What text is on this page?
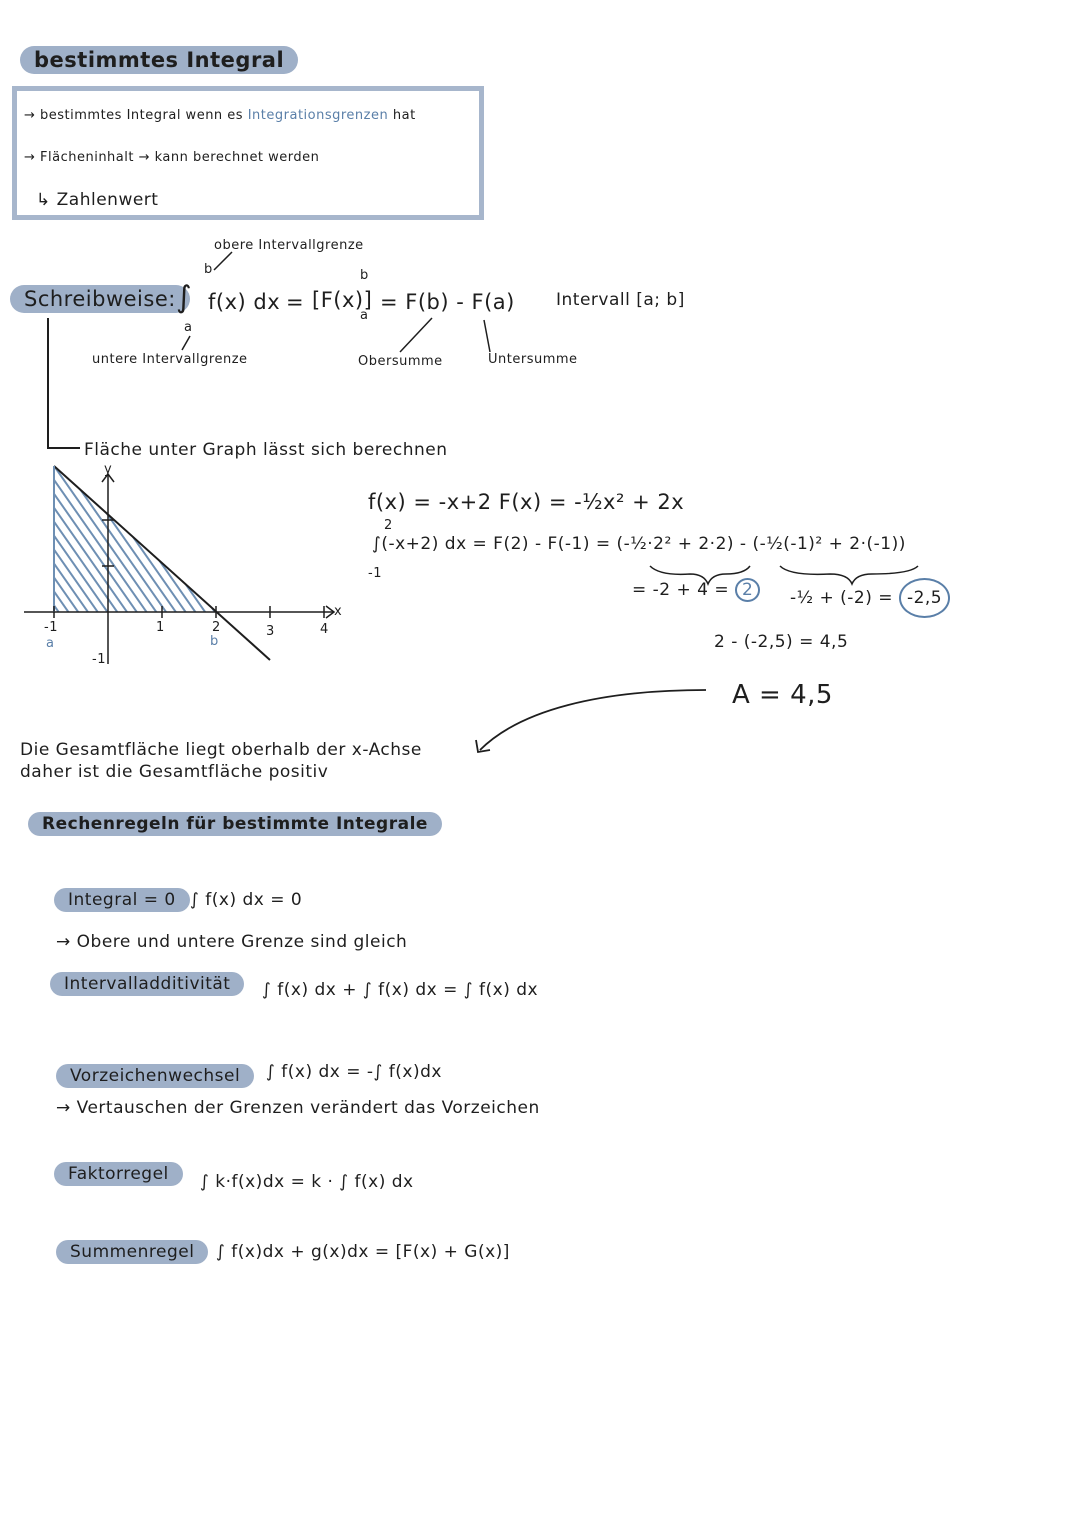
bestimmtes Integral
→ bestimmtes Integral wenn es Integrationsgrenzen hat
→ Flächeninhalt → kann berechnet werden
↳ Zahlenwert
obere Intervallgrenze
Schreibweise: ∫
b
a
f(x) dx = [F(x)]
b
a
= F(b) - F(a) Intervall [a; b]
untere Intervallgrenze	Obersumme	Untersumme
Fläche unter Graph lässt sich berechnen
y
x
-1	1	2	3	4
-1
a	b
f(x) = -x+2 F(x) = -½x² + 2x
2
-1
∫(-x+2) dx = F(2) - F(-1) = (-½·2² + 2·2) - (-½(-1)² + 2·(-1))
= -2 + 4 = 2	-½ + (-2) = -2,5
2 - (-2,5) = 4,5
A = 4,5
Die Gesamtfläche liegt oberhalb der x-Achse
daher ist die Gesamtfläche positiv
Rechenregeln für bestimmte Integrale
Integral = 0 ∫ f(x) dx = 0
→ Obere und untere Grenze sind gleich
Intervalladditivität	∫ f(x) dx + ∫ f(x) dx = ∫ f(x) dx
Vorzeichenwechsel	∫ f(x) dx = -∫ f(x)dx
→ Vertauschen der Grenzen verändert das Vorzeichen
Faktorregel	∫ k·f(x)dx = k · ∫ f(x) dx
Summenregel	∫ f(x)dx + g(x)dx = [F(x) + G(x)]
